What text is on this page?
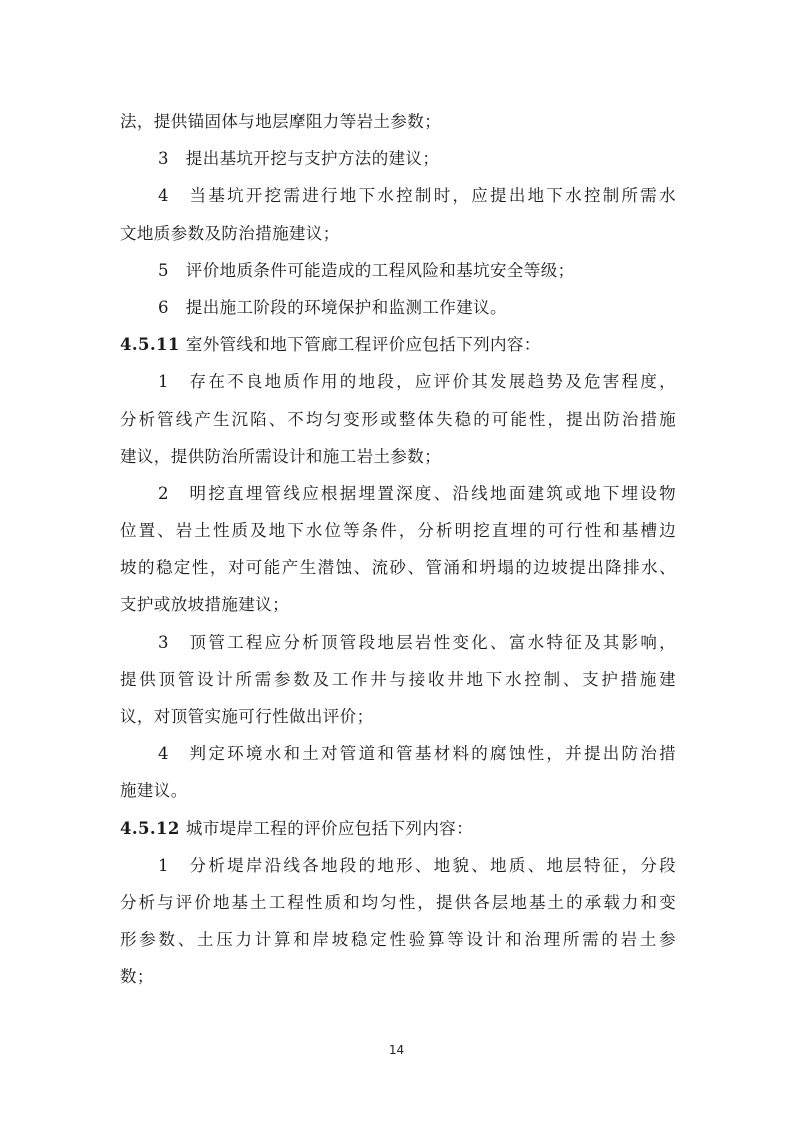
法，提供锚固体与地层摩阻力等岩土参数；
3　提出基坑开挖与支护方法的建议；
4　当基坑开挖需进行地下水控制时，应提出地下水控制所需水
文地质参数及防治措施建议；
5　评价地质条件可能造成的工程风险和基坑安全等级；
6　提出施工阶段的环境保护和监测工作建议。
4.5.11 室外管线和地下管廊工程评价应包括下列内容：
1　存在不良地质作用的地段，应评价其发展趋势及危害程度，
分析管线产生沉陷、不均匀变形或整体失稳的可能性，提出防治措施
建议，提供防治所需设计和施工岩土参数；
2　明挖直埋管线应根据埋置深度、沿线地面建筑或地下埋设物
位置、岩土性质及地下水位等条件，分析明挖直埋的可行性和基槽边
坡的稳定性，对可能产生潜蚀、流砂、管涌和坍塌的边坡提出降排水、
支护或放坡措施建议；
3　顶管工程应分析顶管段地层岩性变化、富水特征及其影响，
提供顶管设计所需参数及工作井与接收井地下水控制、支护措施建
议，对顶管实施可行性做出评价；
4　判定环境水和土对管道和管基材料的腐蚀性，并提出防治措
施建议。
4.5.12 城市堤岸工程的评价应包括下列内容：
1　分析堤岸沿线各地段的地形、地貌、地质、地层特征，分段
分析与评价地基土工程性质和均匀性，提供各层地基土的承载力和变
形参数、土压力计算和岸坡稳定性验算等设计和治理所需的岩土参
数；
14
